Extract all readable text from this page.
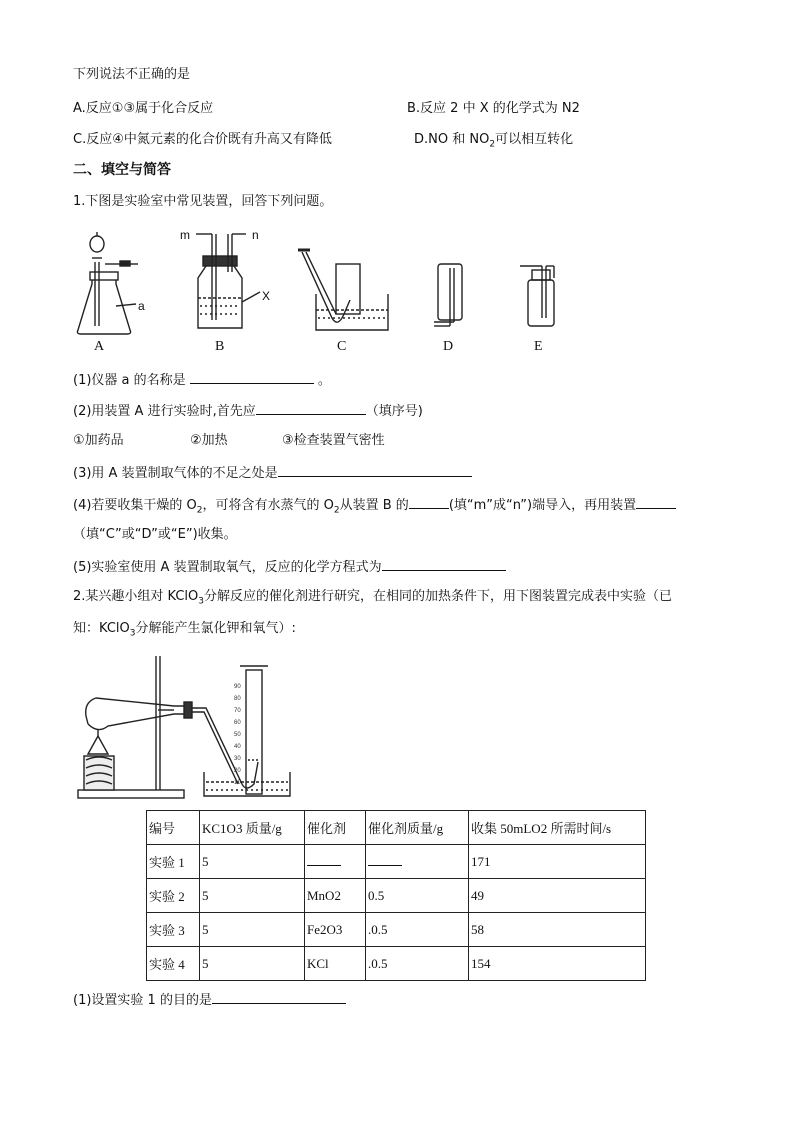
下列说法不正确的是
A.反应①③属于化合反应	B.反应 2 中 X 的化学式为 N2
C.反应④中氮元素的化合价既有升高又有降低	D.NO 和 $NO_2$可以相互转化
二、填空与简答
1.下图是实验室中常见装置，回答下列问题。
m	n
a
X
A	B	C	D	E
(1)仪器 a 的名称是	。
(2)用装置 A 进行实验时,首先应	（填序号)
①加药品	②加热	③检查装置气密性
(3)用 A 装置制取气体的不足之处是
(4)若要收集干燥的 $O_2$，可将含有水蒸气的 $O_2$从装置 B 的	(填“m”成“n”)端导入，再用装置
（填“C”或“D”或“E”)收集。
(5)实验室使用 A 装置制取氧气，反应的化学方程式为
2.某兴趣小组对 KClO$_3$分解反应的催化剂进行研究，在相同的加热条件下，用下图装置完成表中实验（已
知：KClO$_3$分解能产生氯化钾和氧气）:
90
80
70
60
50
40
30
20
10
编号	KC1O3 质量/g	催化剂	催化剂质量/g	收集 50mLO2 所需时间/s
实验 1	5			171
实验 2	5	MnO2	0.5	49
实验 3	5	Fe2O3	.0.5	58
实验 4	5	KCl	.0.5	154
(1)设置实验 1 的目的是
